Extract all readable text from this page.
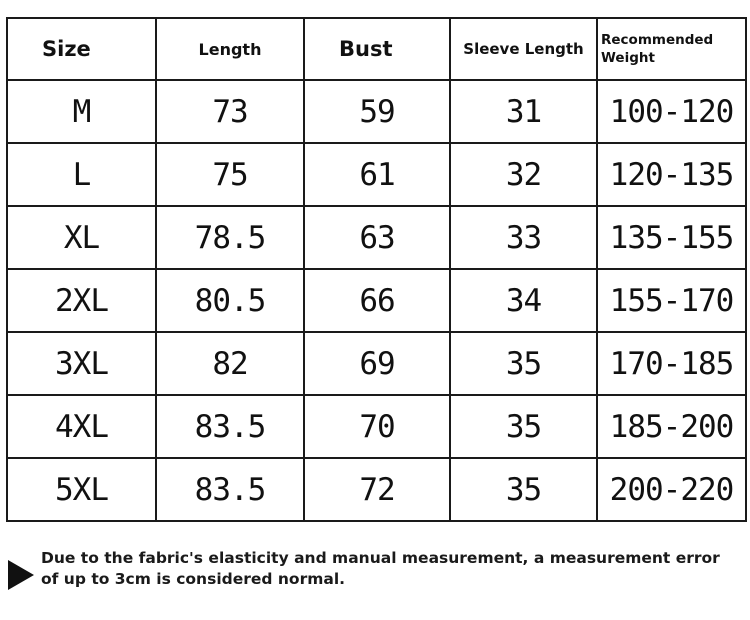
Size	Length	Bust	Sleeve Length	Recommended
Weight

M	73	59	31	100-120
L	75	61	32	120-135
XL	78.5	63	33	135-155
2XL	80.5	66	34	155-170
3XL	82	69	35	170-185
4XL	83.5	70	35	185-200
5XL	83.5	72	35	200-220
Due to the fabric's elasticity and manual measurement, a measurement error of up to 3cm is considered normal.
